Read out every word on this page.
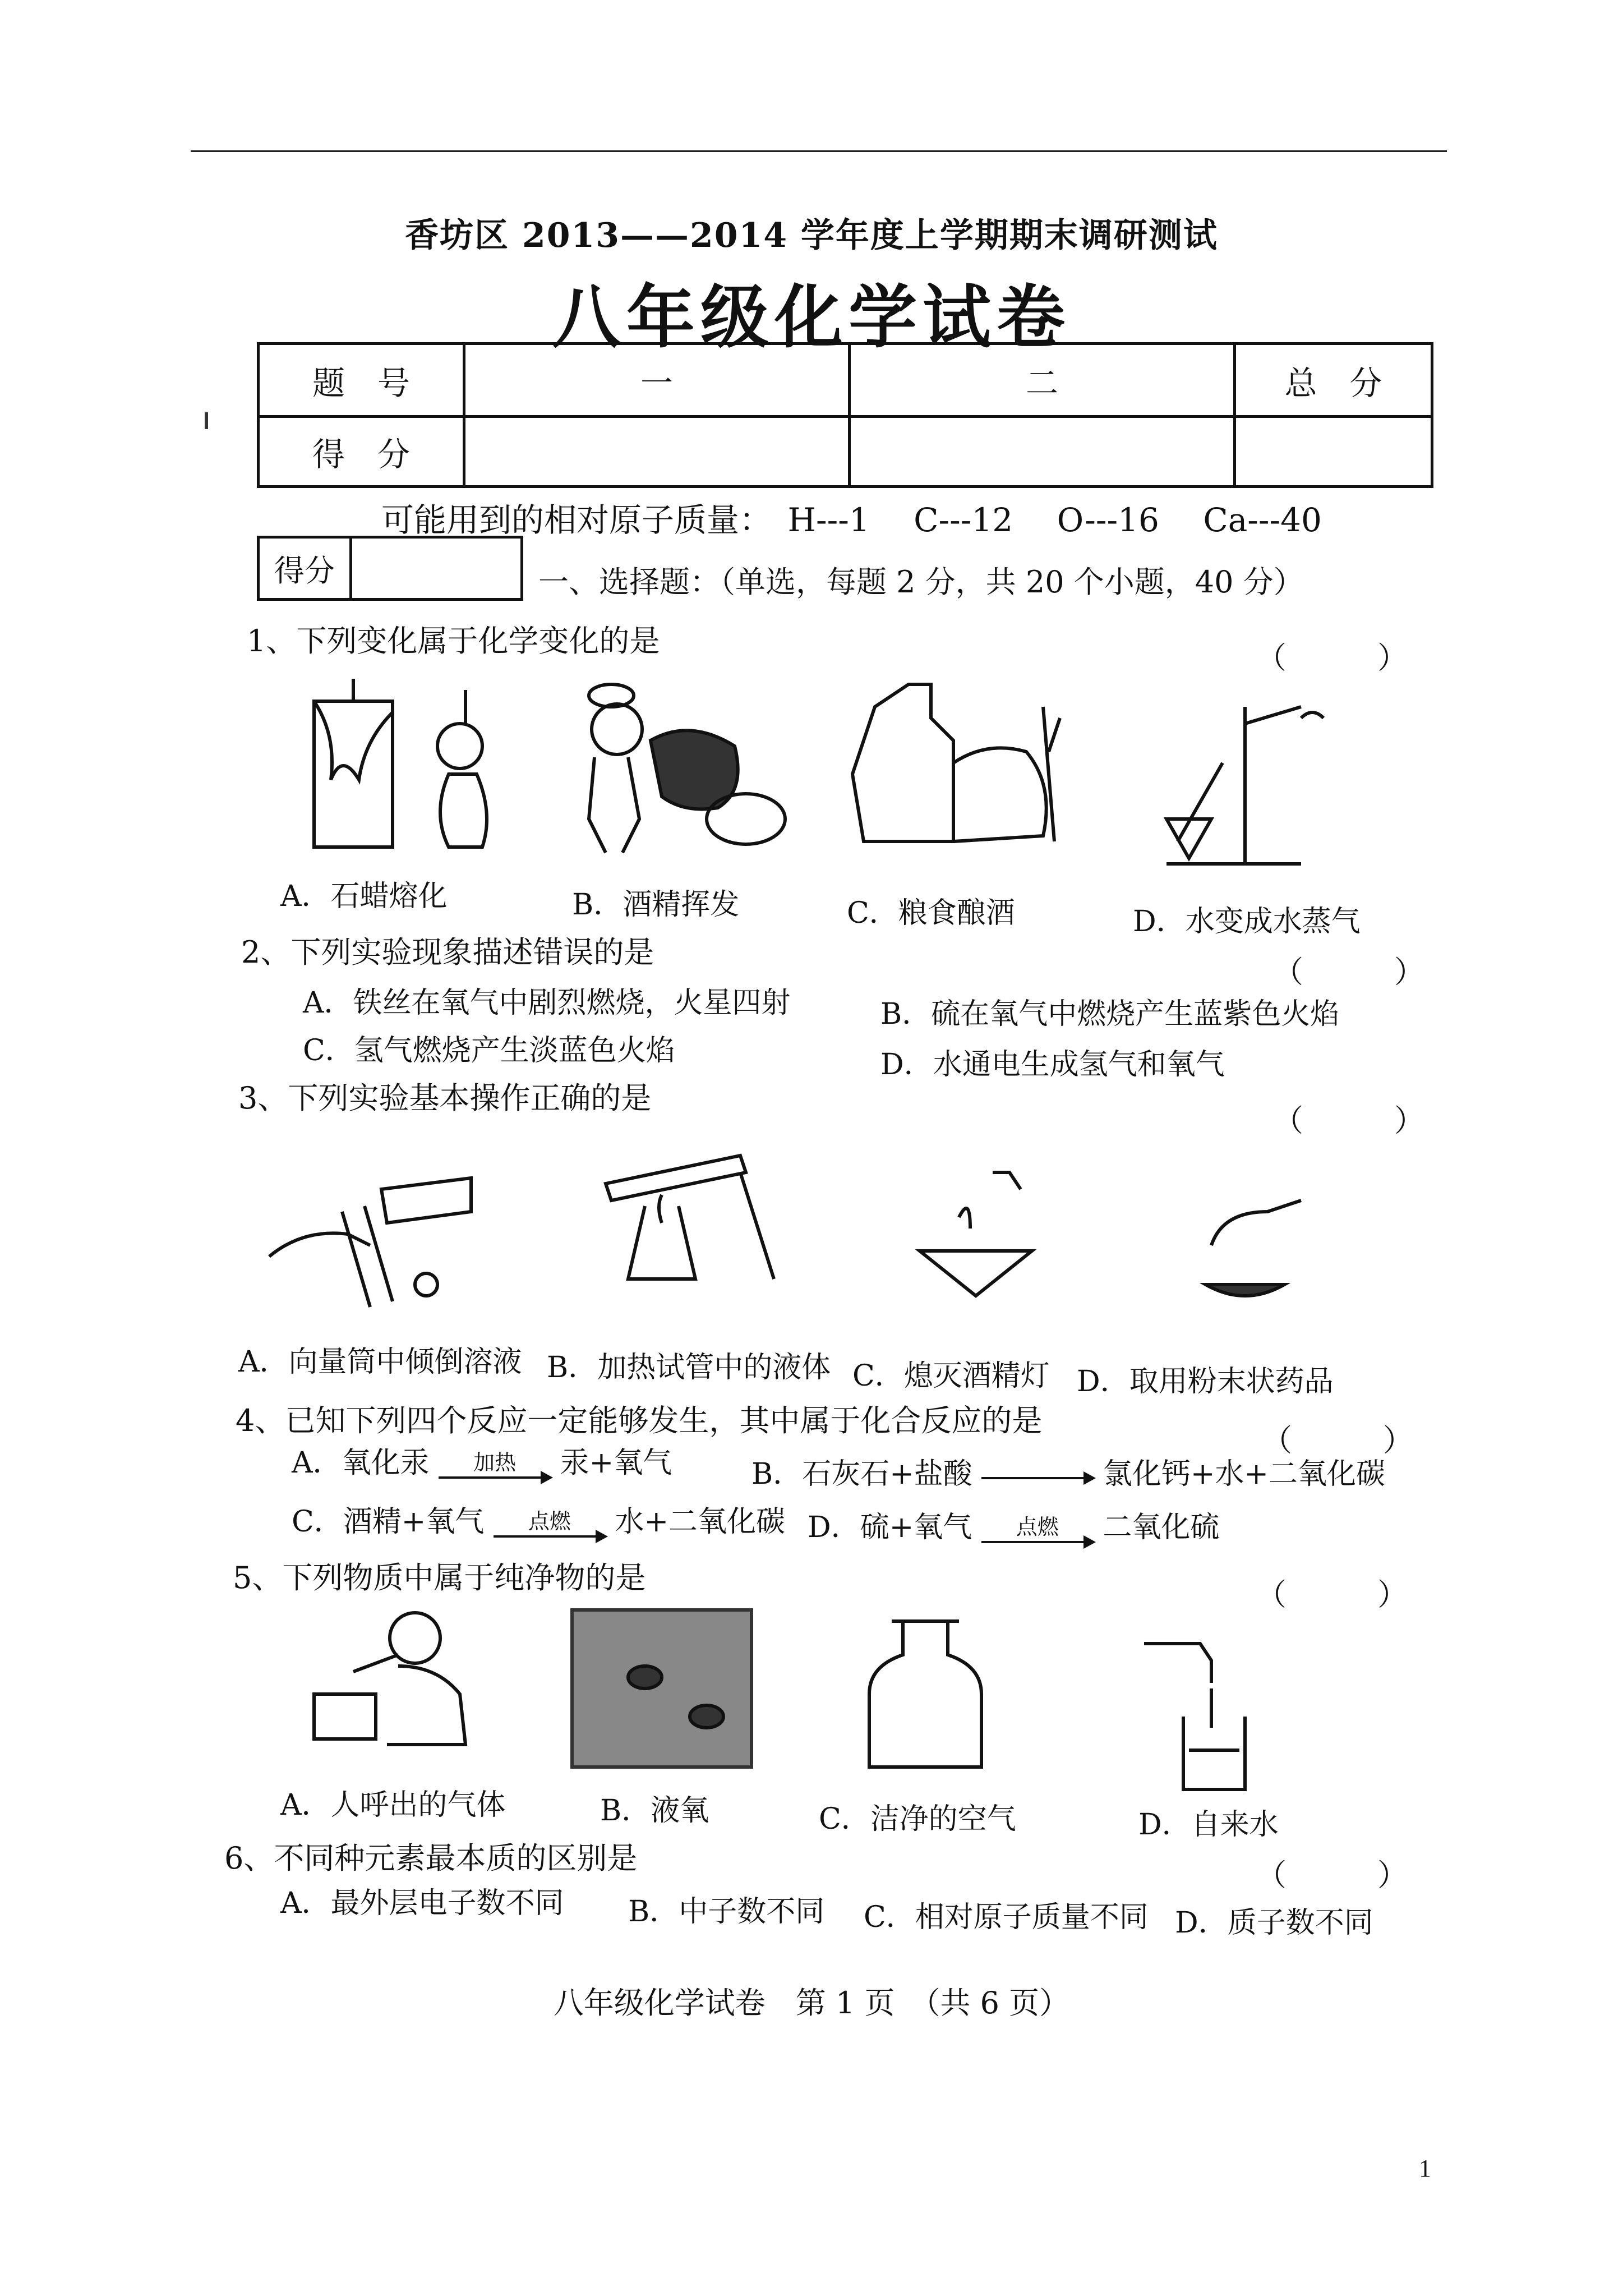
香坊区 2013——2014 学年度上学期期末调研测试
八年级化学试卷
题　号	一	二	总　分
得　分			
可能用到的相对原子质量： H---1 C---12 O---16 Ca---40
得分	一、选择题：（单选，每题 2 分，共 20 个小题，40 分）
1、下列变化属于化学变化的是	（　　　）
A．石蜡熔化	B．酒精挥发	C．粮食酿酒	D．水变成水蒸气
2、下列实验现象描述错误的是
（　　　）
A．铁丝在氧气中剧烈燃烧，火星四射	B．硫在氧气中燃烧产生蓝紫色火焰
C．氢气燃烧产生淡蓝色火焰	D．水通电生成氢气和氧气
3、下列实验基本操作正确的是
（　　　）
A．向量筒中倾倒溶液 B．加热试管中的液体 C．熄灭酒精灯 D．取用粉末状药品
4、已知下列四个反应一定能够发生，其中属于化合反应的是
（　　　）
A．氧化汞	加热	汞+氧气	B．石灰石+盐酸 → 氯化钙+水+二氧化碳
C．酒精+氧气	点燃	水+二氧化碳 D．硫+氧气	点燃	二氧化硫
5、下列物质中属于纯净物的是	（　　　）
A．人呼出的气体	B．液氧	C．洁净的空气	D．自来水
6、不同种元素最本质的区别是	（　　　）
A．最外层电子数不同 B．中子数不同 C．相对原子质量不同 D．质子数不同
八年级化学试卷　第 1 页　（共 6 页）
1
